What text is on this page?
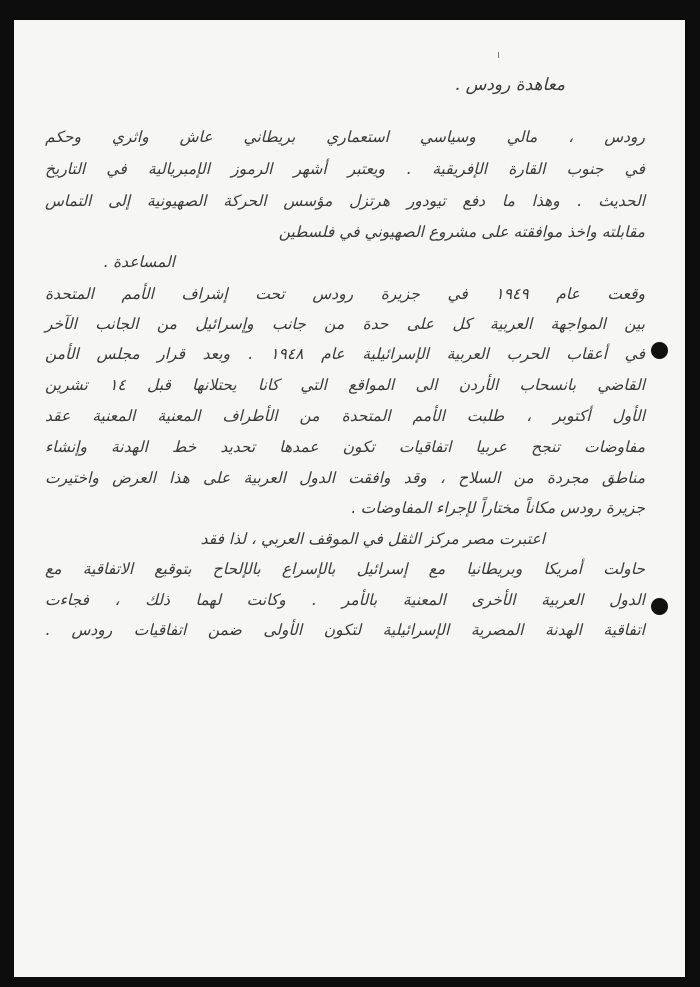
معاهدة رودس .
رودس ، مالي وسياسي استعماري بريطاني عاش واثري وحكم
في جنوب القارة الإفريقية . ويعتبر أشهر الرموز الإمبريالية في التاريخ
الحديث . وهذا ما دفع تيودور هرتزل مؤسس الحركة الصهيونية إلى التماس
مقابلته واخذ موافقته على مشروع الصهيوني في فلسطين
المساعدة .
وقعت عام ١٩٤٩ في جزيرة رودس تحت إشراف الأمم المتحدة
بين المواجهة العربية كل على حدة من جانب وإسرائيل من الجانب الآخر
في أعقاب الحرب العربية الإسرائيلية عام ١٩٤٨ . وبعد قرار مجلس الأمن
القاضي بانسحاب الأردن الى المواقع التي كانا يحتلانها قبل ١٤ تشرين
الأول أكتوبر ، طلبت الأمم المتحدة من الأطراف المعنية المعنية عقد
مفاوضات تنجح عربيا اتفاقيات تكون عمدها تحديد خط الهدنة وإنشاء
مناطق مجردة من السلاح ، وقد وافقت الدول العربية على هذا العرض واختيرت
جزيرة رودس مكاناً مختاراً لإجراء المفاوضات .
اعتبرت مصر مركز الثقل في الموقف العربي ، لذا فقد
حاولت أمريكا وبريطانيا مع إسرائيل بالإسراع بالإلحاح بتوقيع الاتفاقية مع
الدول العربية الأخرى المعنية بالأمر . وكانت لهما ذلك ، فجاءت
اتفاقية الهدنة المصرية الإسرائيلية لتكون الأولى ضمن اتفاقيات رودس .
